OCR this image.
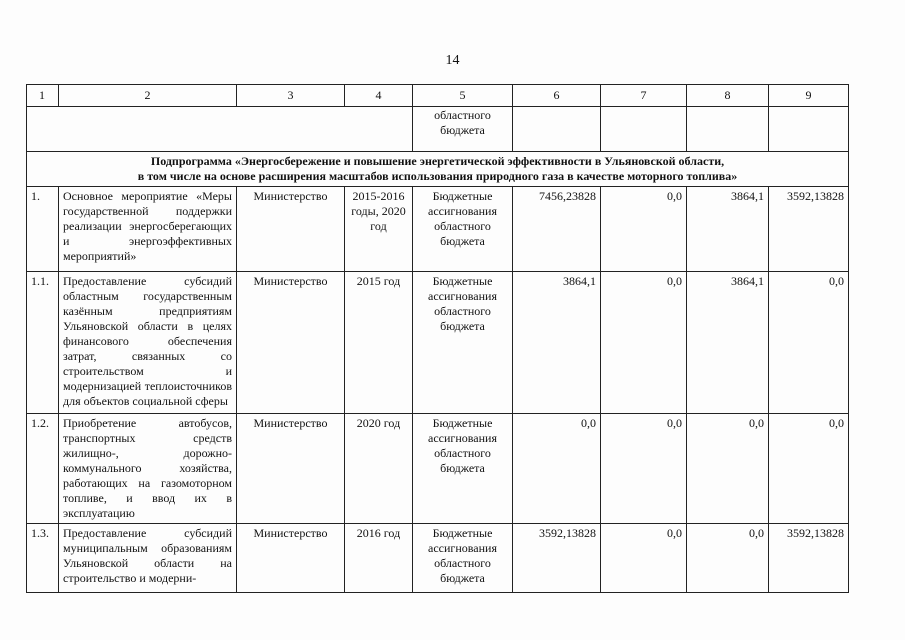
14
1	2	3	4	5	6	7	8	9
				областного бюджета				

Подпрограмма «Энергосбережение и повышение энергетической эффективности в Ульяновской области,
в том числе на основе расширения масштабов использования природного газа в качестве моторного топлива»								

1.	Основное мероприятие «Меры государственной поддержки реализации энергосберегающих и энергоэффективных мероприятий»	Министерство	2015-2016 годы, 2020 год	Бюджетные ассигнования областного бюджета	7456,23828	0,0	3864,1	3592,13828
1.1.	Предоставление субсидий областным государственным казённым предприятиям Ульяновской области в целях финансового обеспечения затрат, связанных со строительством и модернизацией теплоисточников для объектов социальной сферы	Министерство	2015 год	Бюджетные ассигнования областного бюджета	3864,1	0,0	3864,1	0,0
1.2.	Приобретение автобусов, транспортных средств жилищно-, дорожно-коммунального хозяйства, работающих на газомоторном топливе, и ввод их в эксплуатацию	Министерство	2020 год	Бюджетные ассигнования областного бюджета	0,0	0,0	0,0	0,0
1.3.	Предоставление субсидий муниципальным образованиям Ульяновской области на строительство и модерни-	Министерство	2016 год	Бюджетные ассигнования областного бюджета	3592,13828	0,0	0,0	3592,13828
